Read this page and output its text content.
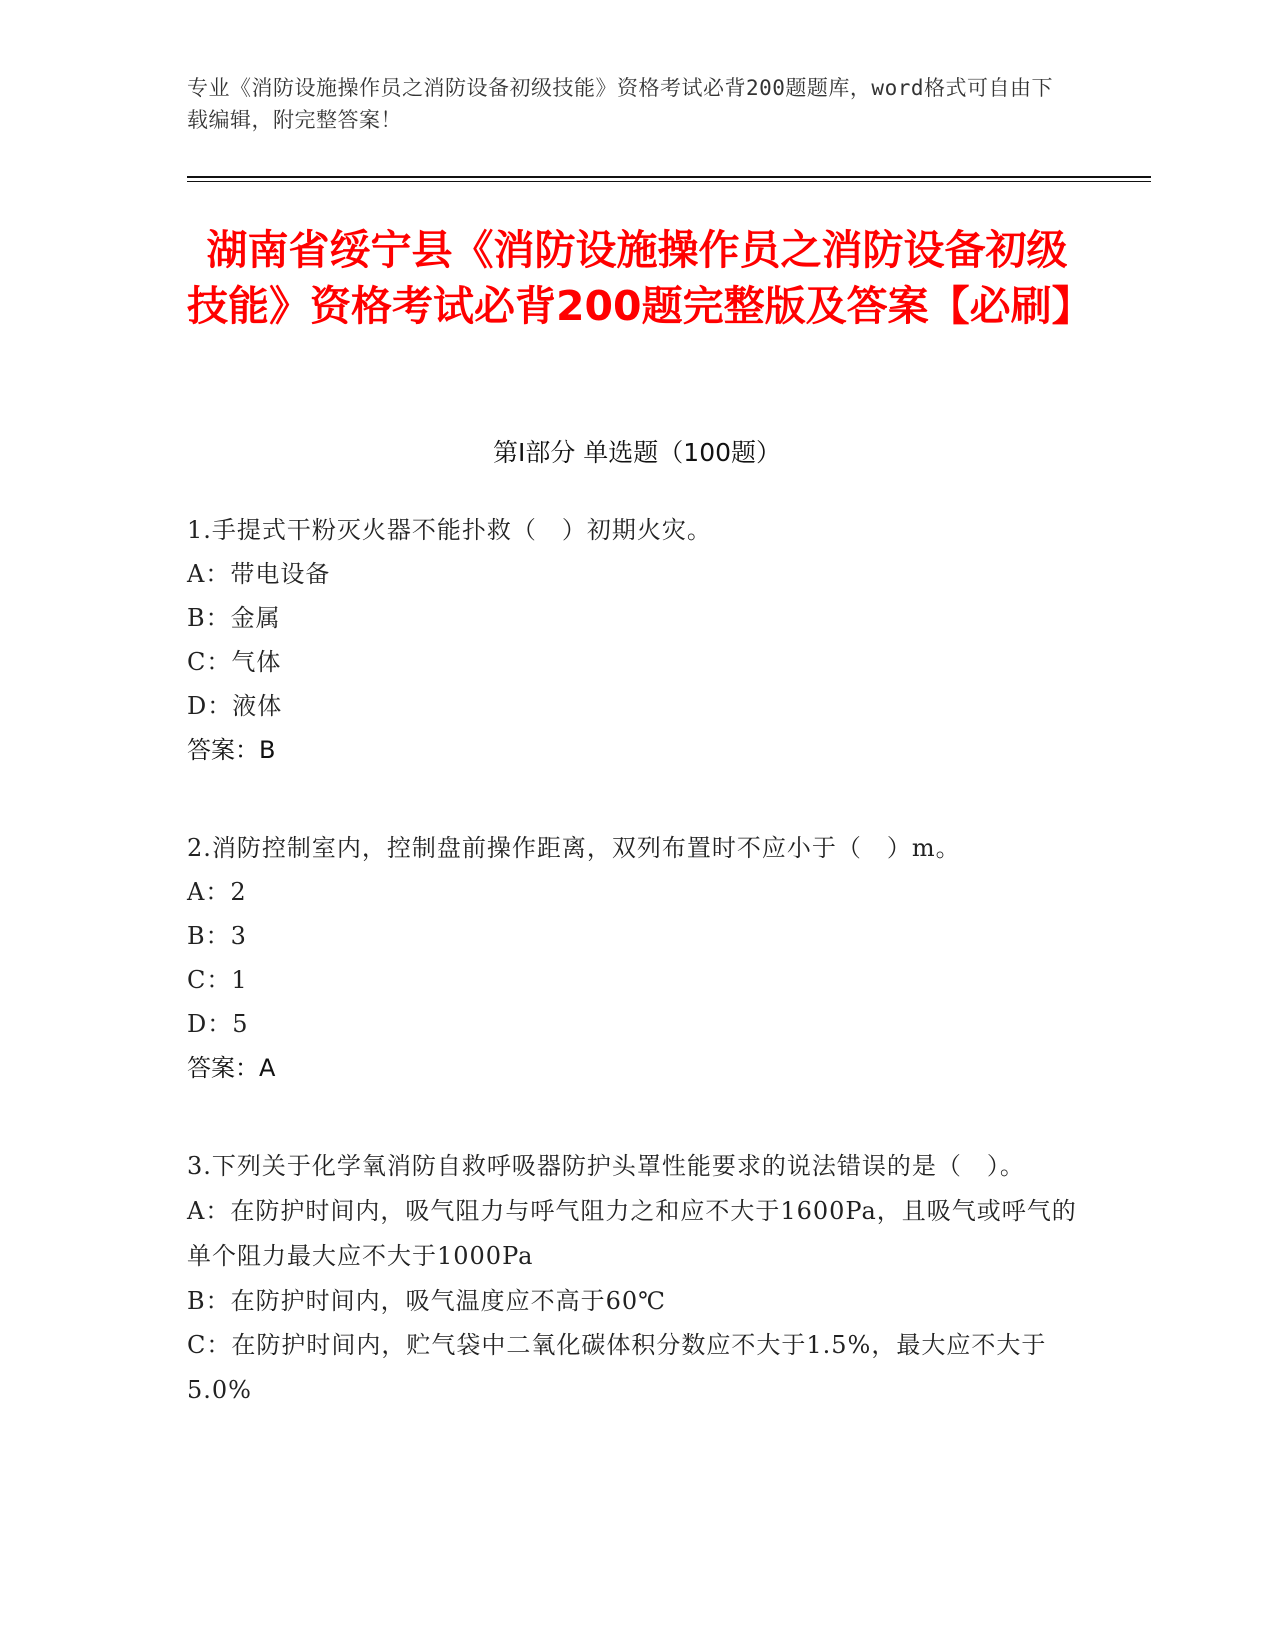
专业《消防设施操作员之消防设备初级技能》资格考试必背200题题库，word格式可自由下载编辑，附完整答案！
湖南省绥宁县《消防设施操作员之消防设备初级技能》资格考试必背200题完整版及答案【必刷】
第Ⅰ部分 单选题（100题）
1.手提式干粉灭火器不能扑救（　）初期火灾。
A：带电设备
B：金属
C：气体
D：液体
答案：B
2.消防控制室内，控制盘前操作距离，双列布置时不应小于（　）m。
A：2
B：3
C：1
D：5
答案：A
3.下列关于化学氧消防自救呼吸器防护头罩性能要求的说法错误的是（　）。
A：在防护时间内，吸气阻力与呼气阻力之和应不大于1600Pa，且吸气或呼气的单个阻力最大应不大于1000Pa
B：在防护时间内，吸气温度应不高于60℃
C：在防护时间内，贮气袋中二氧化碳体积分数应不大于1.5%，最大应不大于5.0%
